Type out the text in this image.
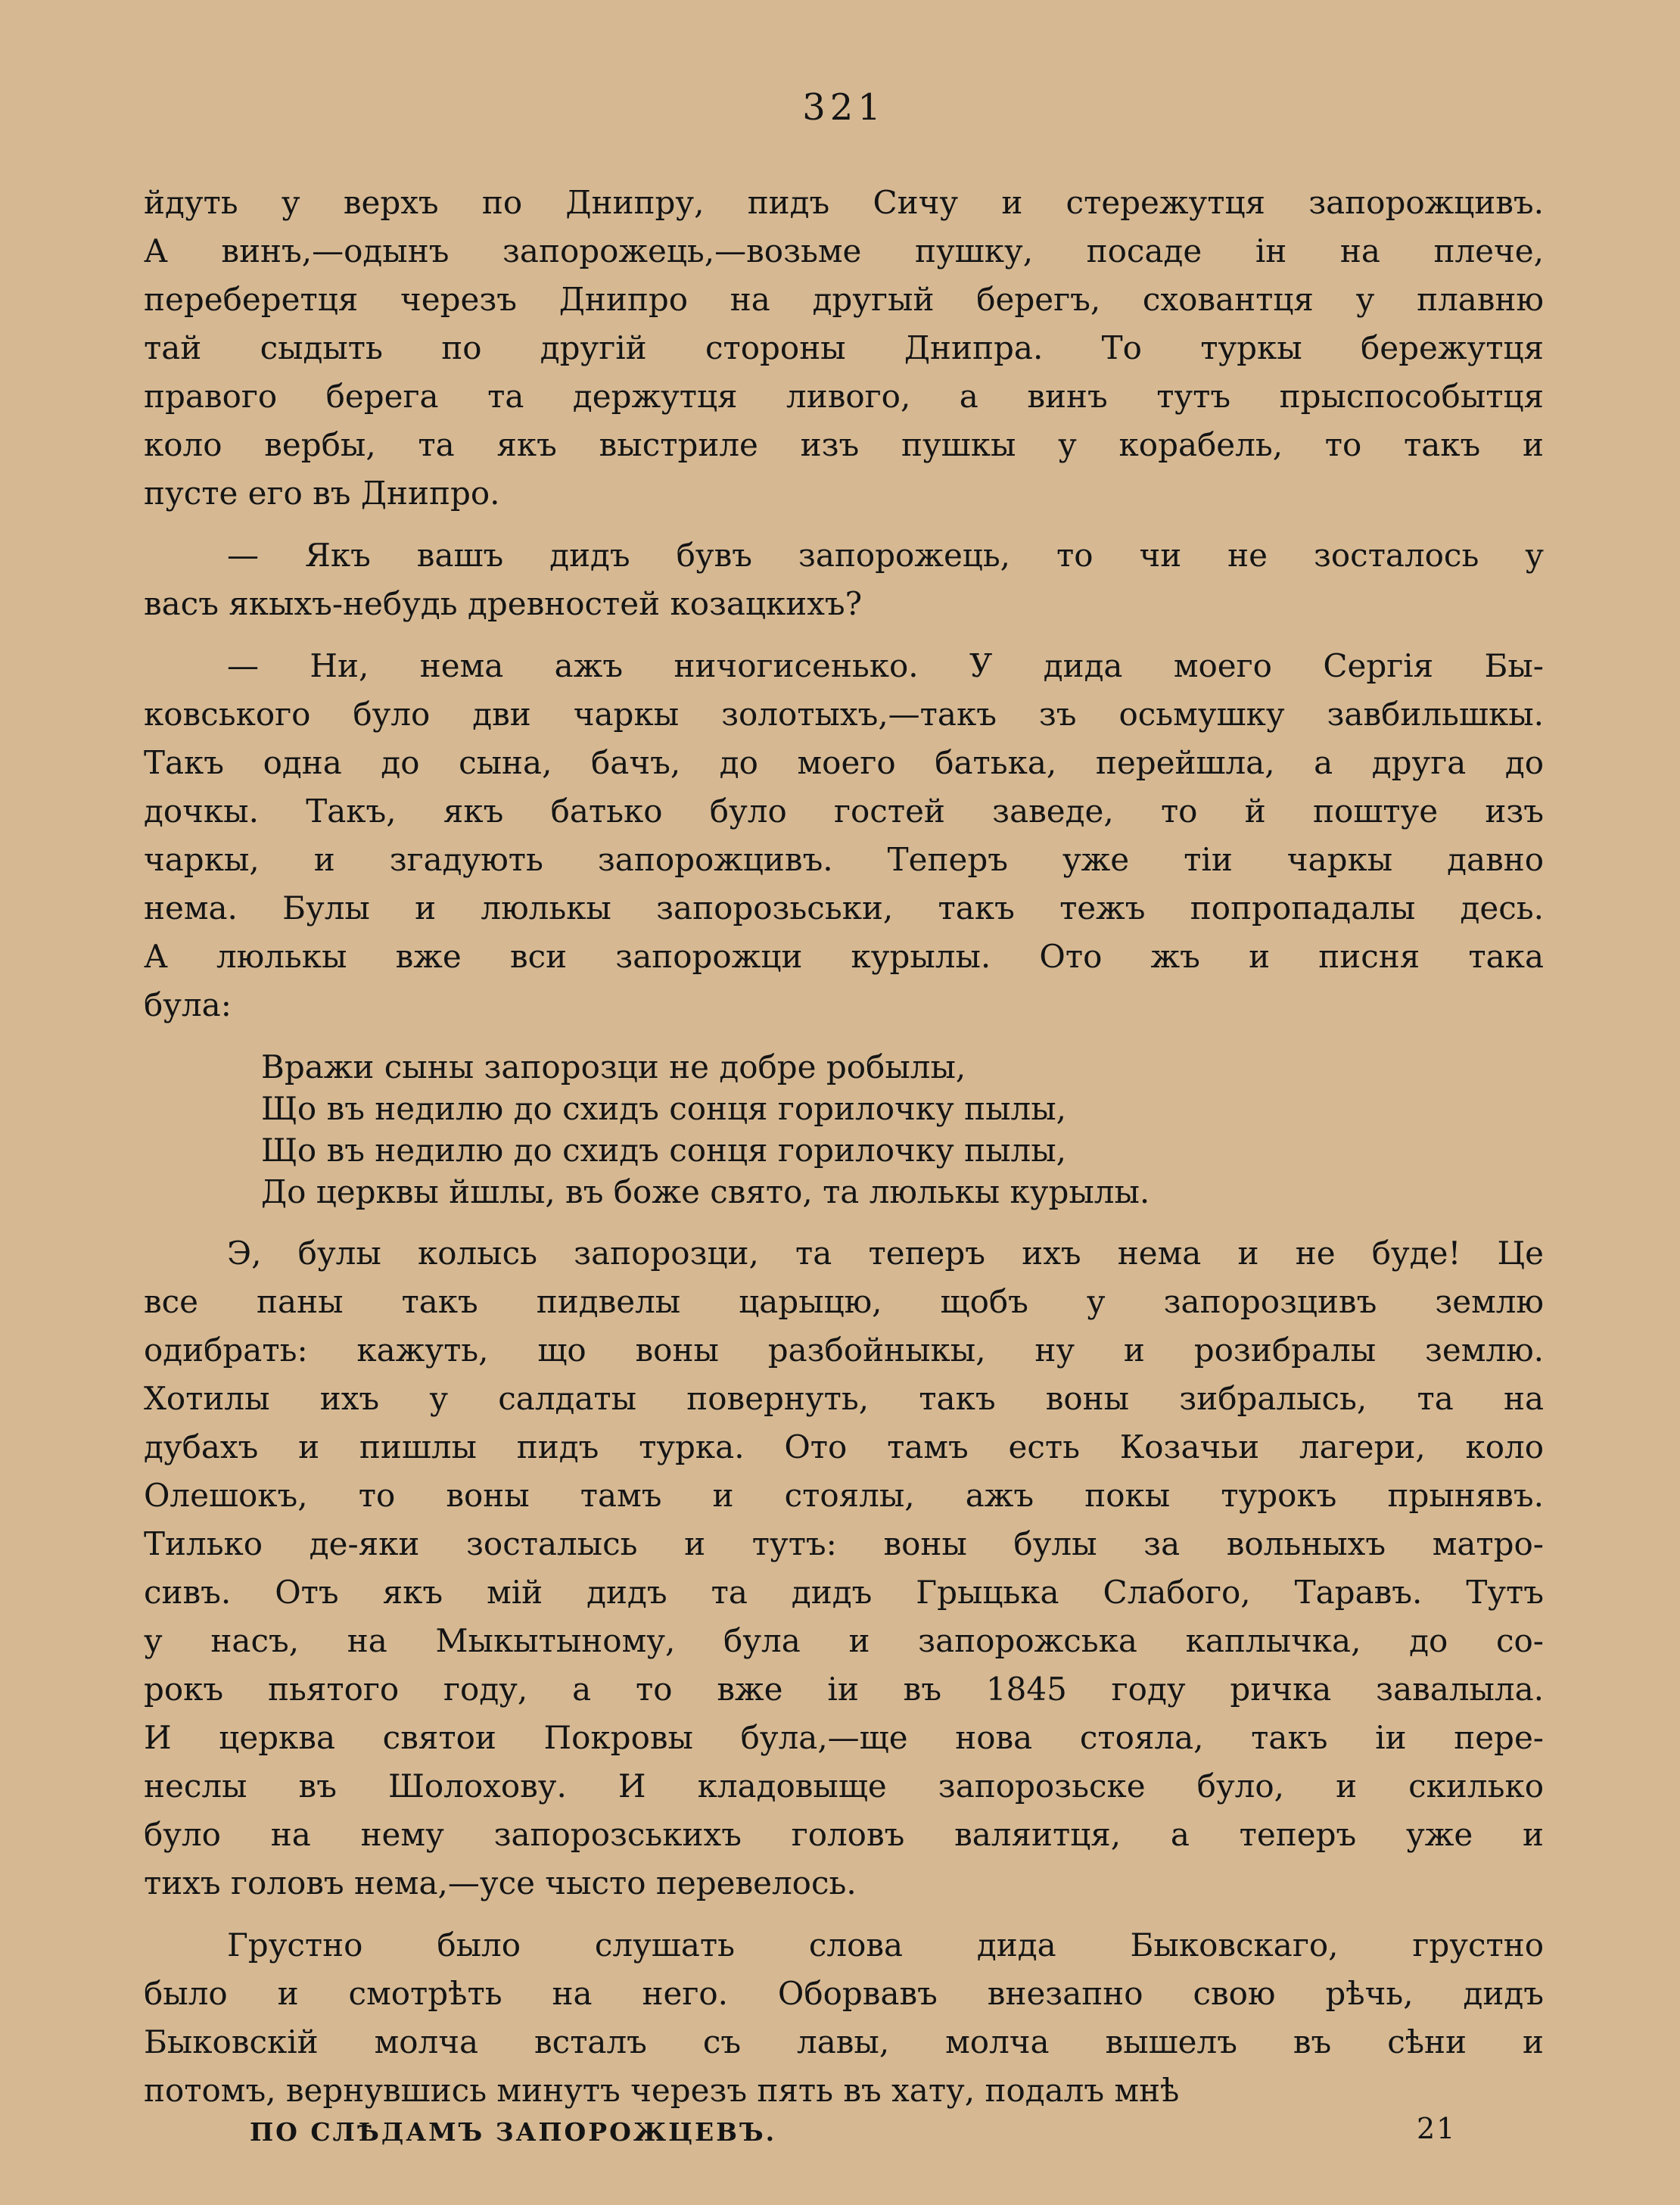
321

йдуть у верхъ по Днипру, пидъ Сичу и стережутця запорожцивъ.
А винъ,—одынъ запорожець,—возьме пушку, посаде ін на плече,
переберетця черезъ Днипро на другый берегъ, сховантця у плавню
тай сыдыть по другій стороны Днипра. То туркы бережутця
правого берега та держутця ливого, а винъ тутъ прыспособытця
коло вербы, та якъ выстриле изъ пушкы у корабель, то такъ и
пусте его въ Днипро.

— Якъ вашъ дидъ бувъ запорожець, то чи не зосталось у
васъ якыхъ-небудь древностей козацкихъ?

— Ни, нема ажъ ничогисенько. У дида моего Сергія Бы-
ковського було дви чаркы золотыхъ,—такъ зъ осьмушку завбильшкы.
Такъ одна до сына, бачъ, до моего батька, перейшла, а друга до
дочкы. Такъ, якъ батько було гостей заведе, то й поштуе изъ
чаркы, и згадують запорожцивъ. Теперъ уже тіи чаркы давно
нема. Булы и люлькы запорозьськи, такъ тежъ попропадалы десь.
А люлькы вже вси запорожци курылы. Ото жъ и писня така
була:

Вражи сыны запорозци не добре робылы,

Що въ недилю до схидъ сонця горилочку пылы,

Що въ недилю до схидъ сонця горилочку пылы,

До церквы йшлы, въ боже свято, та люлькы курылы.

Э, булы колысь запорозци, та теперъ ихъ нема и не буде! Це
все паны такъ пидвелы царыцю, щобъ у запорозцивъ землю
одибрать: кажуть, що воны разбойныкы, ну и розибралы землю.
Хотилы ихъ у салдаты повернуть, такъ воны зибралысь, та на
дубахъ и пишлы пидъ турка. Ото тамъ есть Козачьи лагери, коло
Олешокъ, то воны тамъ и стоялы, ажъ покы турокъ прынявъ.
Тилько де-яки зосталысь и тутъ: воны булы за вольныхъ матро-
сивъ. Отъ якъ мій дидъ та дидъ Грыцька Слабого, Таравъ. Тутъ
у насъ, на Мыкытыному, була и запорожська каплычка, до со-
рокъ пьятого году, а то вже іи въ 1845 году ричка завалыла.
И церква святои Покровы була,—ще нова стояла, такъ іи пере-
неслы въ Шолохову. И кладовыще запорозьске було, и скилько
було на нему запорозськихъ головъ валяитця, а теперъ уже и
тихъ головъ нема,—усе чысто перевелось.

Грустно было слушать слова дида Быковскаго, грустно
было и смотрѣть на него. Оборвавъ внезапно свою рѣчь, дидъ
Быковскій молча всталъ съ лавы, молча вышелъ въ сѣни и
потомъ, вернувшись минутъ черезъ пять въ хату, подалъ мнѣ

ПО СЛѢДАМЪ ЗАПОРОЖЦЕВЪ.	21
